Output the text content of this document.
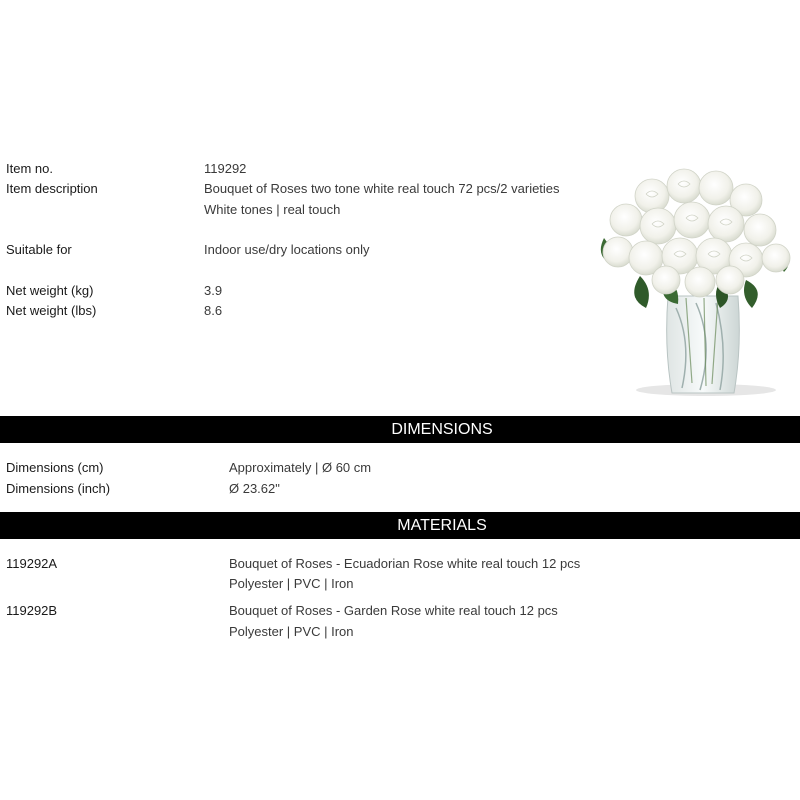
Item no.	119292
Item description	Bouquet of Roses two tone white real touch 72 pcs/2 varieties
White tones | real touch
Suitable for	Indoor use/dry locations only
Net weight (kg)	3.9
Net weight (lbs)	8.6
DIMENSIONS
Dimensions (cm)	Approximately | Ø 60 cm
Dimensions (inch)	Ø 23.62"
MATERIALS
119292A	Bouquet of Roses - Ecuadorian Rose white real touch 12 pcs
Polyester | PVC | Iron
119292B	Bouquet of Roses - Garden Rose white real touch 12 pcs
Polyester | PVC | Iron
